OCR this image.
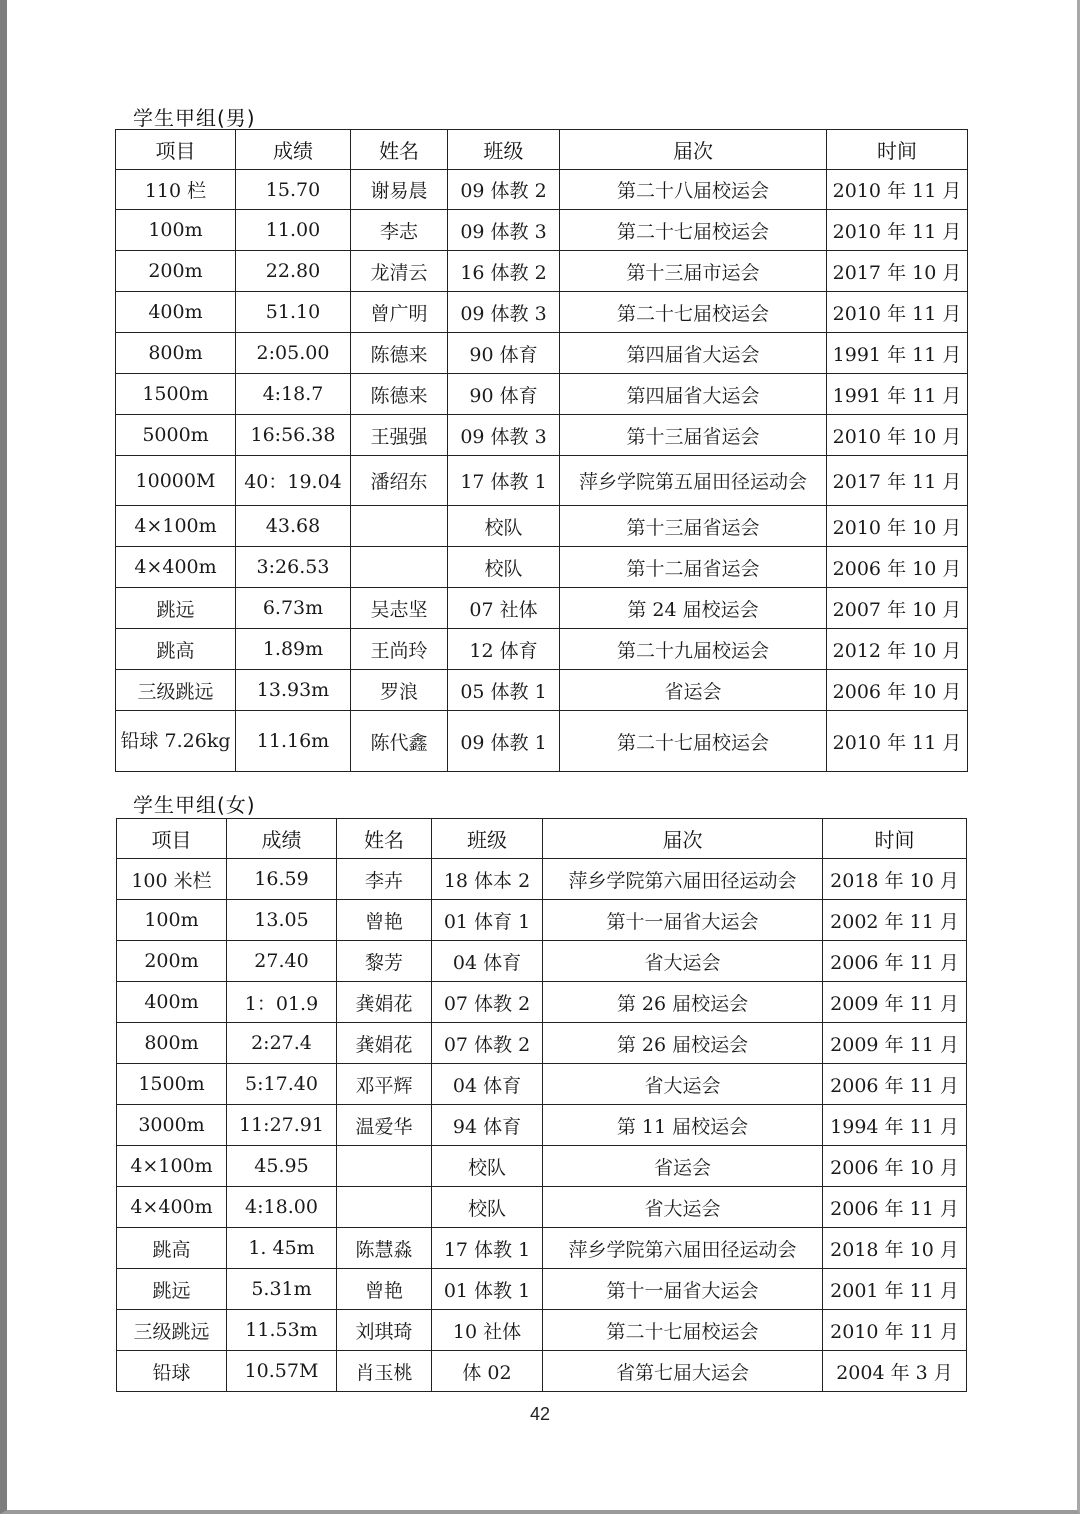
学生甲组(男)
项目	成绩	姓名	班级	届次	时间
110 栏	15.70	谢易晨	09 体教 2	第二十八届校运会	2010 年 11 月
100m	11.00	李志	09 体教 3	第二十七届校运会	2010 年 11 月
200m	22.80	龙清云	16 体教 2	第十三届市运会	2017 年 10 月
400m	51.10	曾广明	09 体教 3	第二十七届校运会	2010 年 11 月
800m	2:05.00	陈德来	90 体育	第四届省大运会	1991 年 11 月
1500m	4:18.7	陈德来	90 体育	第四届省大运会	1991 年 11 月
5000m	16:56.38	王强强	09 体教 3	第十三届省运会	2010 年 10 月
10000M	40：19.04	潘绍东	17 体教 1	萍乡学院第五届田径运动会	2017 年 11 月
4×100m	43.68		校队	第十三届省运会	2010 年 10 月
4×400m	3:26.53		校队	第十二届省运会	2006 年 10 月
跳远	6.73m	吴志坚	07 社体	第 24 届校运会	2007 年 10 月
跳高	1.89m	王尚玲	12 体育	第二十九届校运会	2012 年 10 月
三级跳远	13.93m	罗浪	05 体教 1	省运会	2006 年 10 月
铅球 7.26kg	11.16m	陈代鑫	09 体教 1	第二十七届校运会	2010 年 11 月
学生甲组(女)
项目	成绩	姓名	班级	届次	时间
100 米栏	16.59	李卉	18 体本 2	萍乡学院第六届田径运动会	2018 年 10 月
100m	13.05	曾艳	01 体育 1	第十一届省大运会	2002 年 11 月
200m	27.40	黎芳	04 体育	省大运会	2006 年 11 月
400m	1：01.9	龚娟花	07 体教 2	第 26 届校运会	2009 年 11 月
800m	2:27.4	龚娟花	07 体教 2	第 26 届校运会	2009 年 11 月
1500m	5:17.40	邓平辉	04 体育	省大运会	2006 年 11 月
3000m	11:27.91	温爱华	94 体育	第 11 届校运会	1994 年 11 月
4×100m	45.95		校队	省运会	2006 年 10 月
4×400m	4:18.00		校队	省大运会	2006 年 11 月
跳高	1. 45m	陈慧淼	17 体教 1	萍乡学院第六届田径运动会	2018 年 10 月
跳远	5.31m	曾艳	01 体教 1	第十一届省大运会	2001 年 11 月
三级跳远	11.53m	刘琪琦	10 社体	第二十七届校运会	2010 年 11 月
铅球	10.57M	肖玉桃	体 02	省第七届大运会	2004 年 3 月
42
